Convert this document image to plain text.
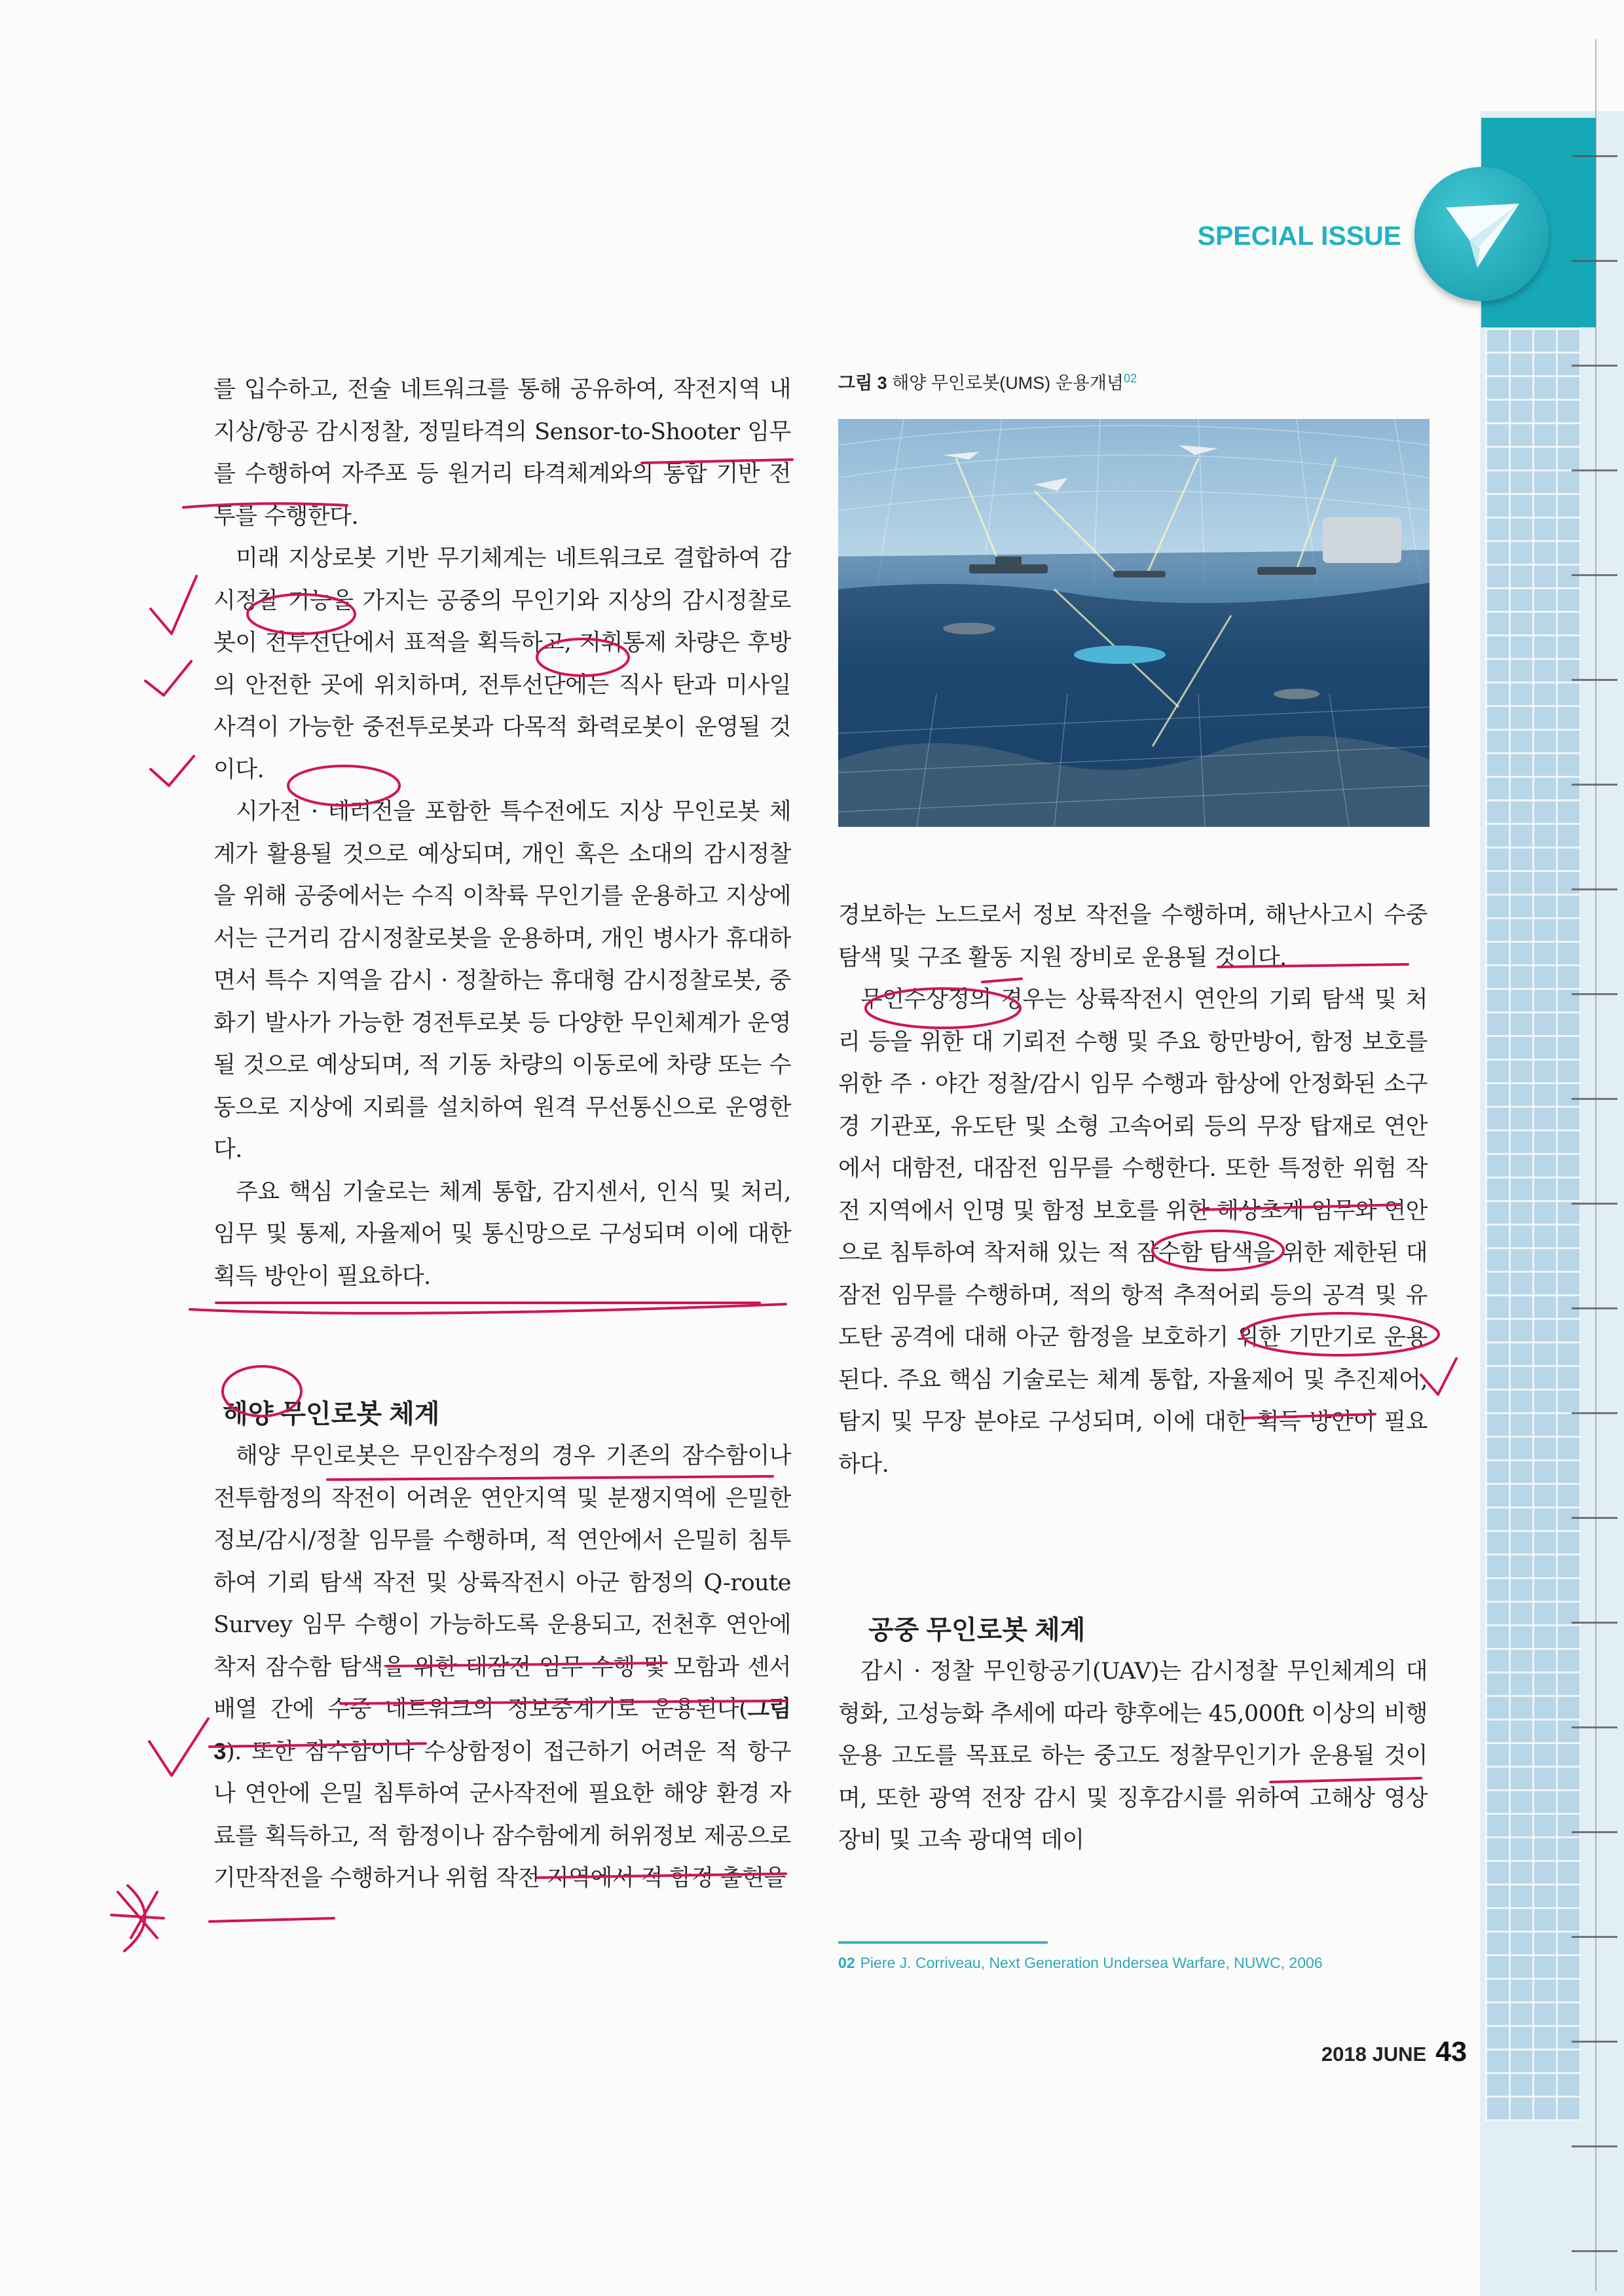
SPECIAL ISSUE

를 입수하고, 전술 네트워크를 통해 공유하여, 작전지역 내 지상/항공 감시정찰, 정밀타격의 Sensor-to-Shooter 임무를 수행하여 자주포 등 원거리 타격체계와의 통합 기반 전투를 수행한다.

미래 지상로봇 기반 무기체계는 네트워크로 결합하여 감시정찰 기능을 가지는 공중의 무인기와 지상의 감시정찰로봇이 전투선단에서 표적을 획득하고, 지휘통제 차량은 후방의 안전한 곳에 위치하며, 전투선단에는 직사 탄과 미사일 사격이 가능한 중전투로봇과 다목적 화력로봇이 운영될 것이다.

시가전 · 테러전을 포함한 특수전에도 지상 무인로봇 체계가 활용될 것으로 예상되며, 개인 혹은 소대의 감시정찰을 위해 공중에서는 수직 이착륙 무인기를 운용하고 지상에서는 근거리 감시정찰로봇을 운용하며, 개인 병사가 휴대하면서 특수 지역을 감시 · 정찰하는 휴대형 감시정찰로봇, 중화기 발사가 가능한 경전투로봇 등 다양한 무인체계가 운영될 것으로 예상되며, 적 기동 차량의 이동로에 차량 또는 수동으로 지상에 지뢰를 설치하여 원격 무선통신으로 운영한다.

주요 핵심 기술로는 체계 통합, 감지센서, 인식 및 처리, 임무 및 통제, 자율제어 및 통신망으로 구성되며 이에 대한 획득 방안이 필요하다.

해양 무인로봇 체계

해양 무인로봇은 무인잠수정의 경우 기존의 잠수함이나 전투함정의 작전이 어려운 연안지역 및 분쟁지역에 은밀한 정보/감시/정찰 임무를 수행하며, 적 연안에서 은밀히 침투하여 기뢰 탐색 작전 및 상륙작전시 아군 함정의 Q-route Survey 임무 수행이 가능하도록 운용되고, 전천후 연안에 착저 잠수함 탐색을 위한 대잠전 임무 수행 및 모함과 센서 배열 간에 수중 네트워크의 정보중계기로 운용된다(그림 3). 또한 잠수함이나 수상함정이 접근하기 어려운 적 항구나 연안에 은밀 침투하여 군사작전에 필요한 해양 환경 자료를 획득하고, 적 함정이나 잠수함에게 허위정보 제공으로 기만작전을 수행하거나 위험 작전 지역에서 적 함정 출현을

그림 3 해양 무인로봇(UMS) 운용개념$^{02}$

경보하는 노드로서 정보 작전을 수행하며, 해난사고시 수중탐색 및 구조 활동 지원 장비로 운용될 것이다.

무인수상정의 경우는 상륙작전시 연안의 기뢰 탐색 및 처리 등을 위한 대 기뢰전 수행 및 주요 항만방어, 함정 보호를 위한 주 · 야간 정찰/감시 임무 수행과 함상에 안정화된 소구경 기관포, 유도탄 및 소형 고속어뢰 등의 무장 탑재로 연안에서 대함전, 대잠전 임무를 수행한다. 또한 특정한 위험 작전 지역에서 인명 및 함정 보호를 위한 해상초계 임무와 연안으로 침투하여 착저해 있는 적 잠수함 탐색을 위한 제한된 대잠전 임무를 수행하며, 적의 항적 추적어뢰 등의 공격 및 유도탄 공격에 대해 아군 함정을 보호하기 위한 기만기로 운용된다. 주요 핵심 기술로는 체계 통합, 자율제어 및 추진제어, 탐지 및 무장 분야로 구성되며, 이에 대한 획득 방안이 필요하다.

공중 무인로봇 체계

감시 · 정찰 무인항공기(UAV)는 감시정찰 무인체계의 대형화, 고성능화 추세에 따라 향후에는 45,000ft 이상의 비행 운용 고도를 목표로 하는 중고도 정찰무인기가 운용될 것이며, 또한 광역 전장 감시 및 징후감시를 위하여 고해상 영상장비 및 고속 광대역 데이

02 Piere J. Corriveau, Next Generation Undersea Warfare, NUWC, 2006
2018 JUNE 43
